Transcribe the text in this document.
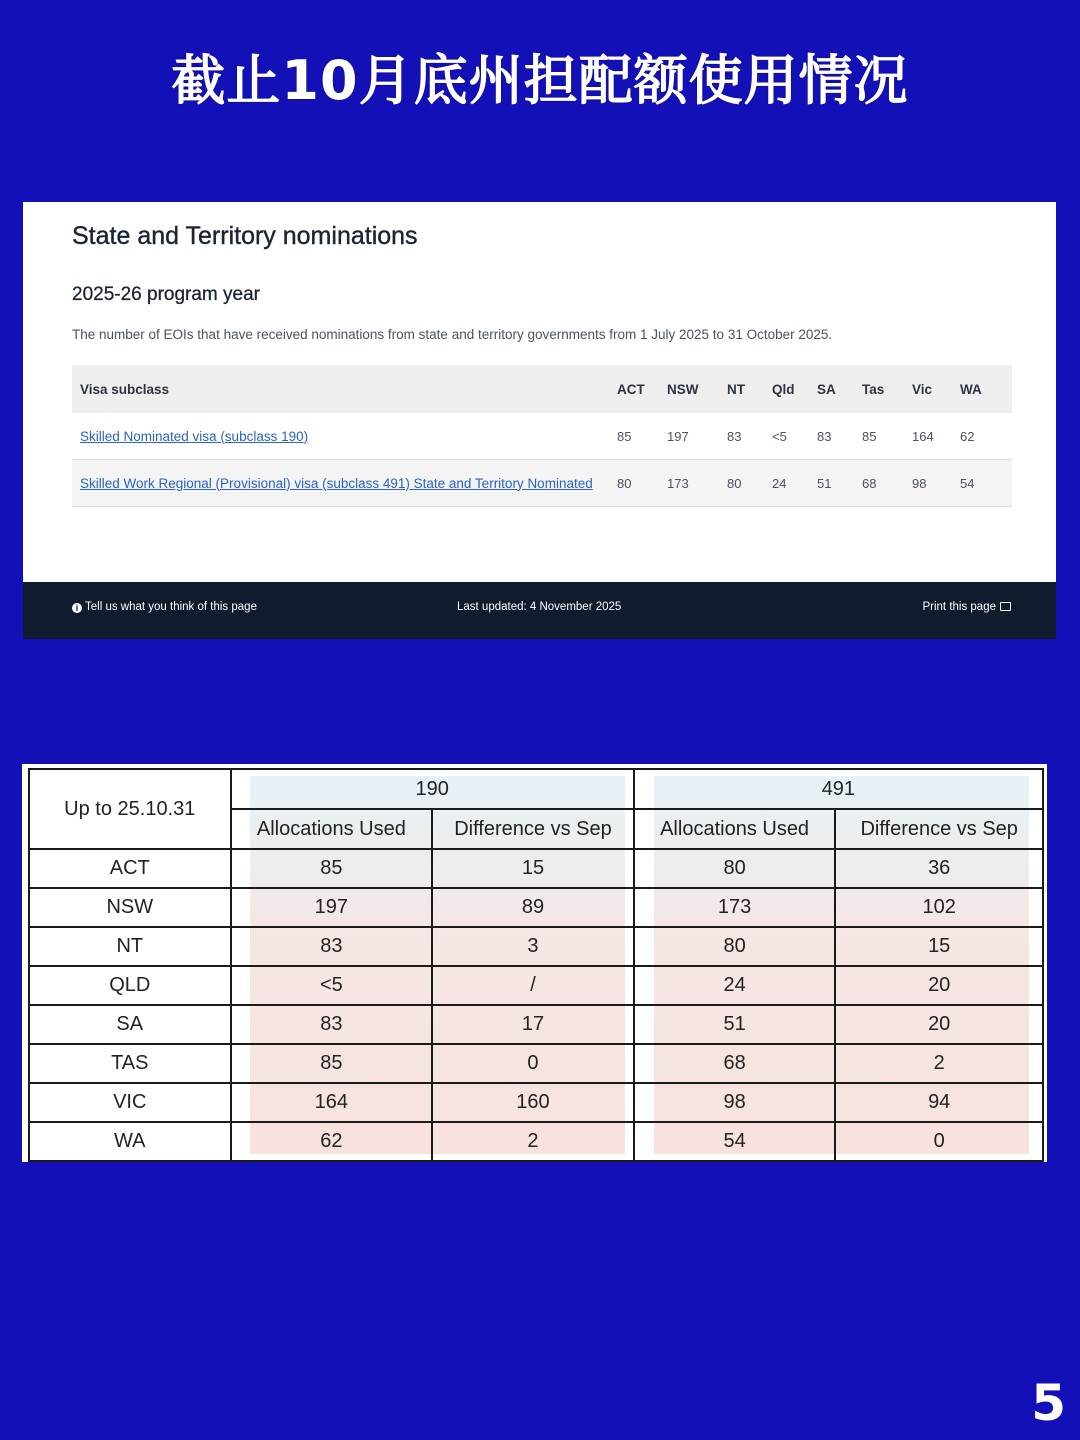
截止10月底州担配额使用情况
State and Territory nominations
2025-26 program year

The number of EOIs that have received nominations from state and territory governments from 1 July 2025 to 31 October 2025.

Visa subclass	ACT	NSW	NT	Qld	SA	Tas	Vic	WA
Skilled Nominated visa (subclass 190)	85	197	83	<5	83	85	164	62
Skilled Work Regional (Provisional) visa (subclass 491) State and Territory Nominated	80	173	80	24	51	68	98	54
i Tell us what you think of this page	Last updated: 4 November 2025	Print this page
Up to 25.10.31	190		491	
	Allocations Used	Difference vs Sep	Allocations Used	Difference vs Sep
ACT	85	15	80	36
NSW	197	89	173	102
NT	83	3	80	15
QLD	<5	/	24	20
SA	83	17	51	20
TAS	85	0	68	2
VIC	164	160	98	94
WA	62	2	54	0
5
